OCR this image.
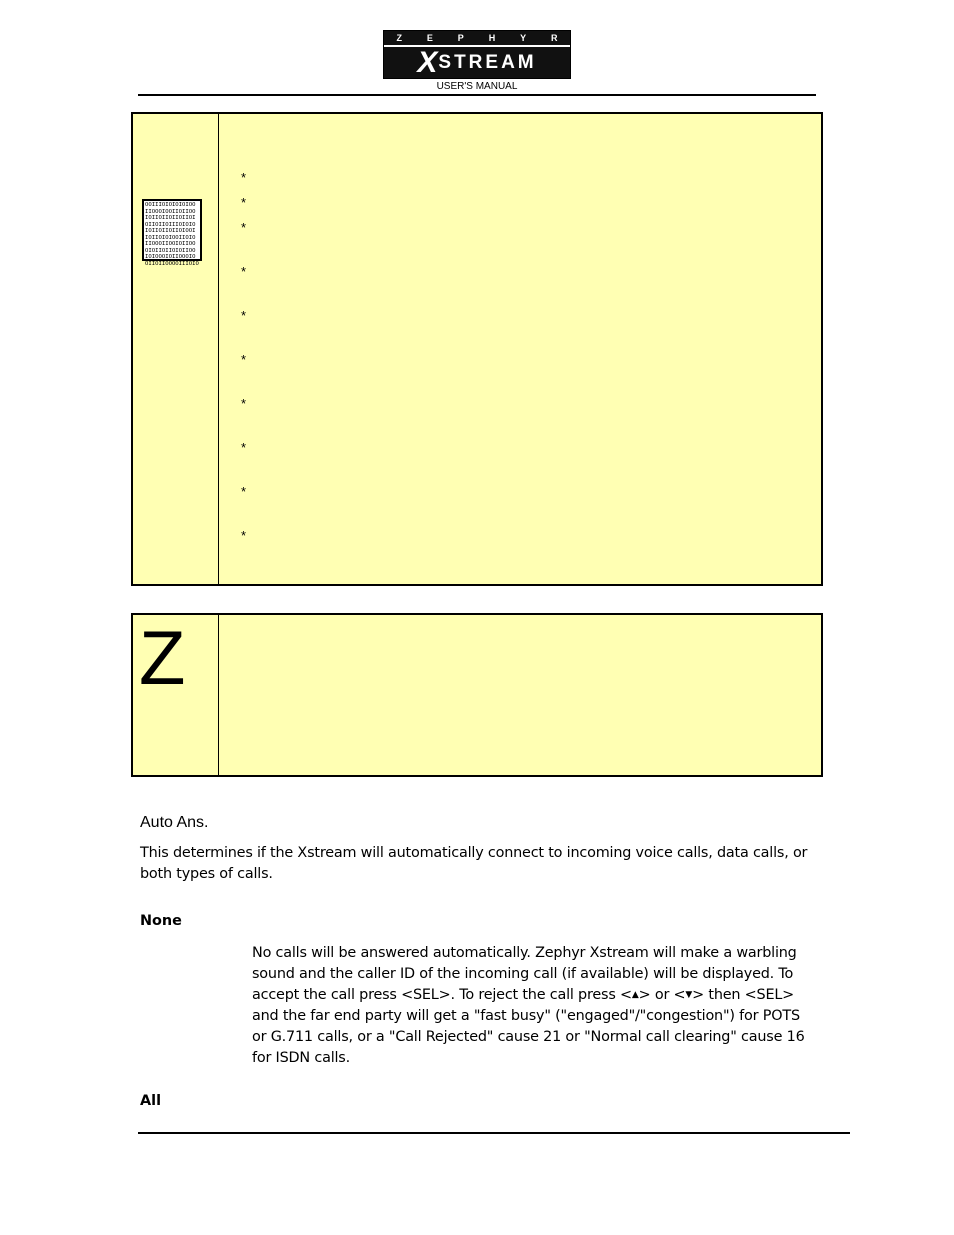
Z	E	P	H	Y	R
X STREAM
USER'S MANUAL
OOIIIOIOIOIOIOO
IIOOOIOOIIOIIOO
IOIIOIIOIIOIIOI
OIIOIIOIIIOIOIO
IOIIOIIOIIOIOOI
IOIIOIOIOOIIOIO
IIOOOIIOOIOIIOO
OIOIIOIIOIOIIOO
IOIOOOIOIIOOOIO
OIIOIIOOOOIIIOIO
*
*
*
*
*
*
*
*
*
*
Z
Auto Ans.
This determines if the Xstream will automatically connect to incoming voice calls, data calls, or both types of calls.
None
No calls will be answered automatically. Zephyr Xstream will make a warbling sound and the caller ID of the incoming call (if available) will be displayed. To accept the call press <SEL>. To reject the call press <▲> or <▼> then <SEL> and the far end party will get a "fast busy" ("engaged"/"congestion") for POTS or G.711 calls, or a "Call Rejected" cause 21 or "Normal call clearing" cause 16 for ISDN calls.
All
